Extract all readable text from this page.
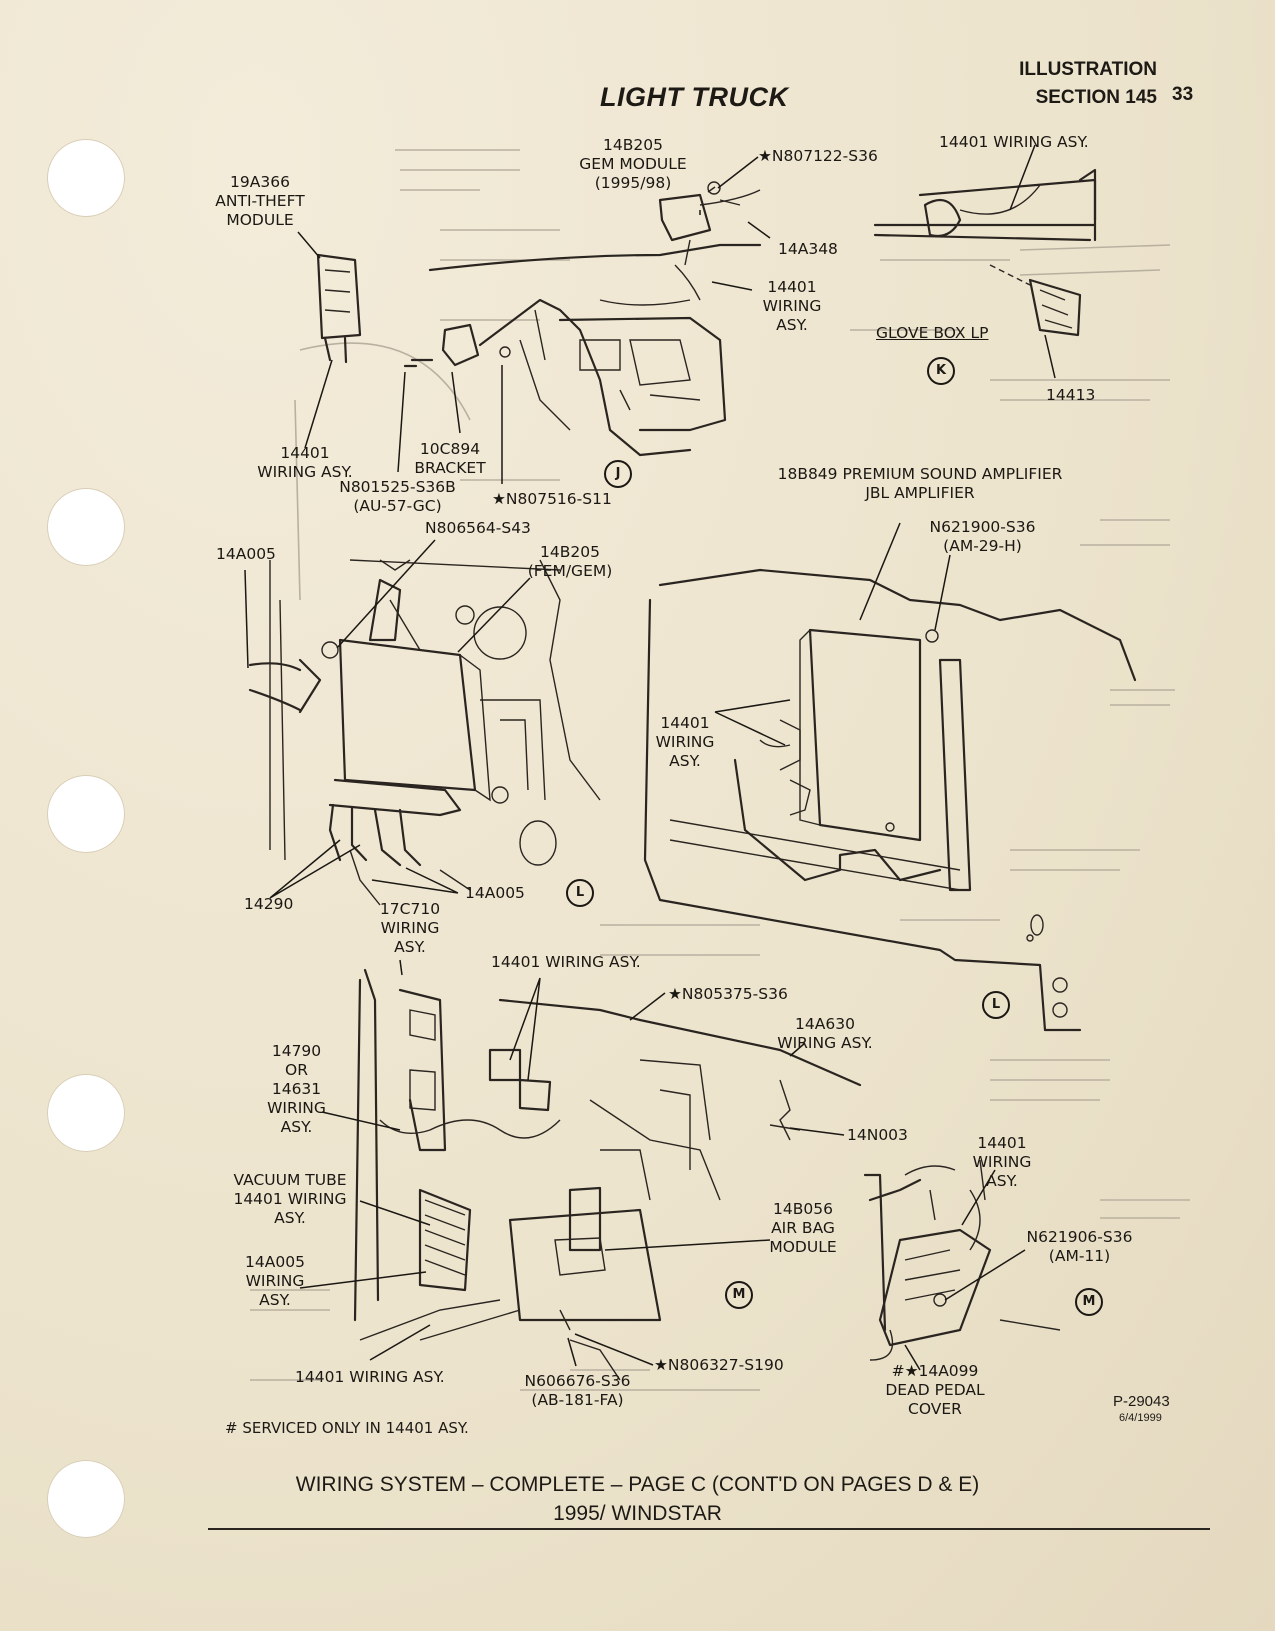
ILLUSTRATION
SECTION 145 33
LIGHT TRUCK
19A366
ANTI-THEFT
MODULE
14B205
GEM MODULE
(1995/98)
★N807122-S36
14A348
14401
WIRING
ASY.
14401 WIRING ASY.
GLOVE BOX LP
14413
14401
WIRING ASY.
10C894
BRACKET
N801525-S36B
(AU-57-GC)	★N807516-S11
N806564-S43
14B205
(FEM/GEM)
14A005
18B849 PREMIUM SOUND AMPLIFIER
JBL AMPLIFIER
N621900-S36
(AM-29-H)
14401
WIRING
ASY.
14290
14A005
17C710
WIRING
ASY.
14401 WIRING ASY.
★N805375-S36
14A630
WIRING ASY.
14790
OR
14631
WIRING
ASY.	14N003
VACUUM TUBE
14401 WIRING
ASY.
14A005
WIRING
ASY.
14B056
AIR BAG
MODULE
14401
WIRING
ASY.
N621906-S36
(AM-11)
14401 WIRING ASY.	N606676-S36
(AB-181-FA)
★N806327-S190	#★14A099
DEAD PEDAL
COVER
J
K
L
L
M	M
# SERVICED ONLY IN 14401 ASY.
P-29043
6/4/1999
WIRING SYSTEM – COMPLETE – PAGE C (CONT'D ON PAGES D & E)
1995/ WINDSTAR
